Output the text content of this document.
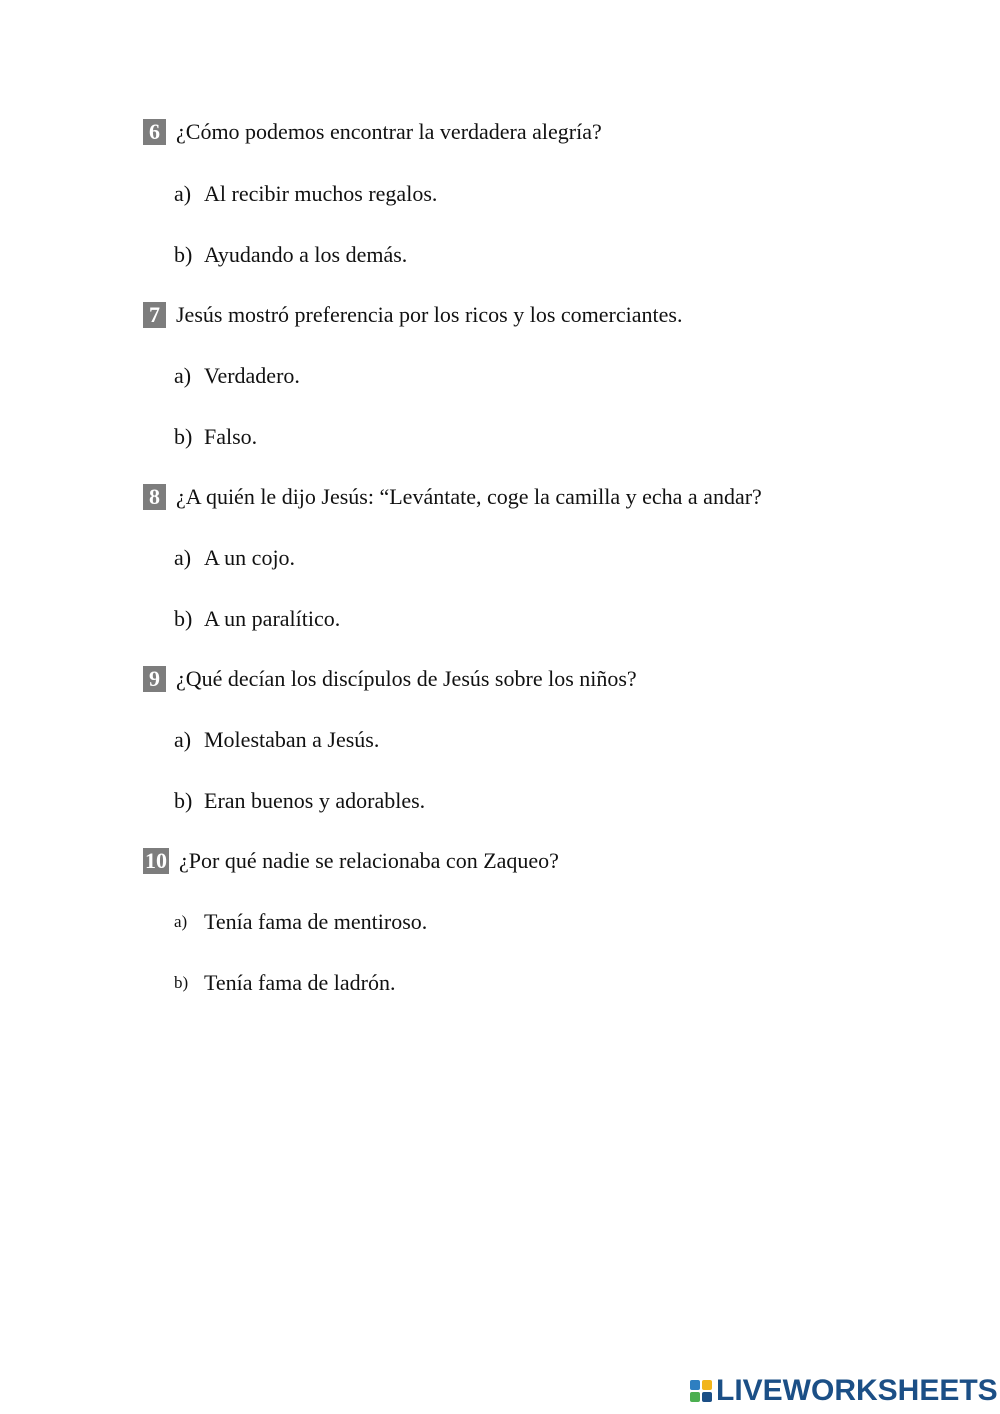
6 ¿Cómo podemos encontrar la verdadera alegría?
a) Al recibir muchos regalos.
b) Ayudando a los demás.
7 Jesús mostró preferencia por los ricos y los comerciantes.
a) Verdadero.
b) Falso.
8 ¿A quién le dijo Jesús: “Levántate, coge la camilla y echa a andar?
a) A un cojo.
b) A un paralítico.
9 ¿Qué decían los discípulos de Jesús sobre los niños?
a) Molestaban a Jesús.
b) Eran buenos y adorables.
10 ¿Por qué nadie se relacionaba con Zaqueo?
a) Tenía fama de mentiroso.
b) Tenía fama de ladrón.
LIVEWORKSHEETS
